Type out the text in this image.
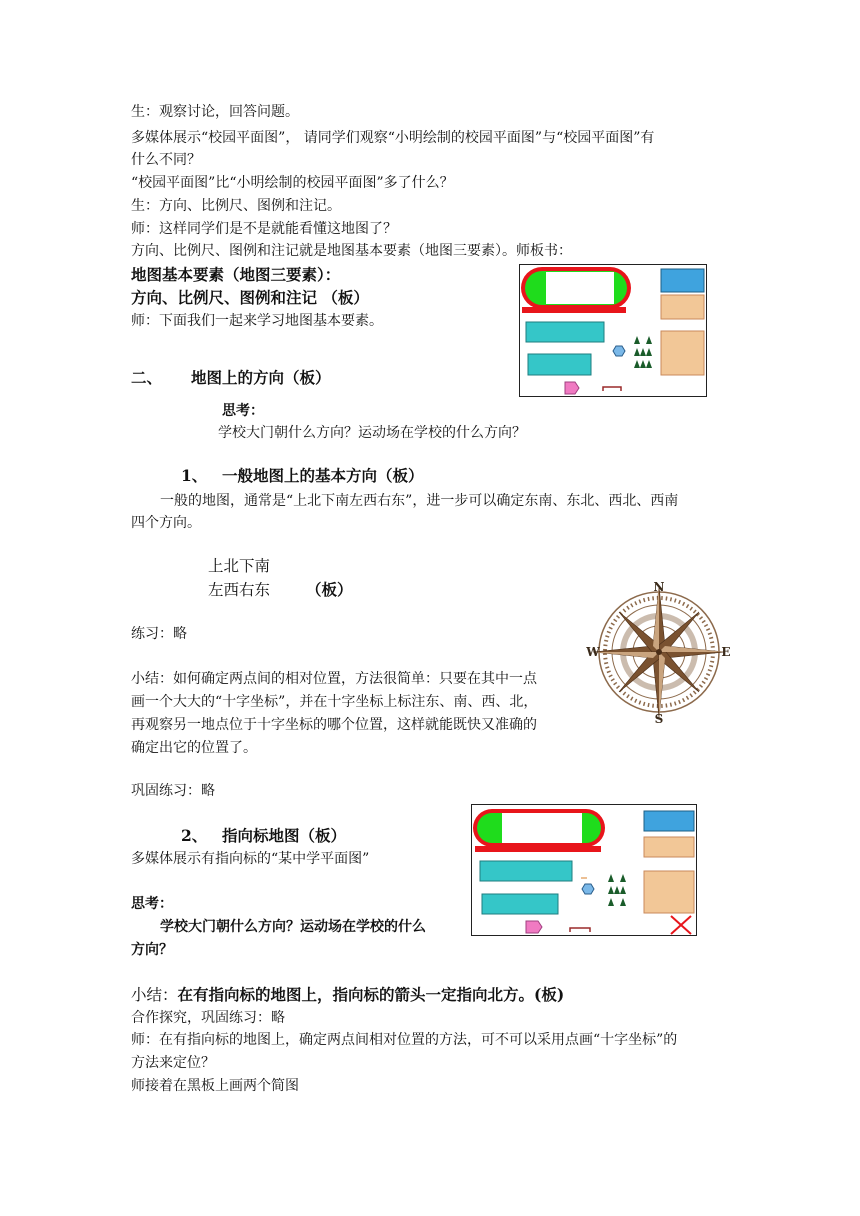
生：观察讨论，回答问题。
多媒体展示“校园平面图”， 请同学们观察“小明绘制的校园平面图”与“校园平面图”有
什么不同？
“校园平面图”比“小明绘制的校园平面图”多了什么？
生：方向、比例尺、图例和注记。
师：这样同学们是不是就能看懂这地图了？
方向、比例尺、图例和注记就是地图基本要素（地图三要素）。师板书：
地图基本要素（地图三要素）：
方向、比例尺、图例和注记 （板）
师：下面我们一起来学习地图基本要素。
二、 地图上的方向（板）
思考：
学校大门朝什么方向？运动场在学校的什么方向？
1、 一般地图上的基本方向（板）
一般的地图，通常是“上北下南左西右东”，进一步可以确定东南、东北、西北、西南
四个方向。
上北下南
左西右东 （板）
练习：略
小结：如何确定两点间的相对位置，方法很简单：只要在其中一点
画一个大大的“十字坐标”，并在十字坐标上标注东、南、西、北，
再观察另一地点位于十字坐标的哪个位置，这样就能既快又准确的
确定出它的位置了。
巩固练习：略
2、 指向标地图（板）
多媒体展示有指向标的“某中学平面图”
思考：
学校大门朝什么方向？运动场在学校的什么
方向？
小结：在有指向标的地图上，指向标的箭头一定指向北方。(板)
合作探究，巩固练习：略
师：在有指向标的地图上，确定两点间相对位置的方法，可不可以采用点画“十字坐标”的
方法来定位？
师接着在黑板上画两个简图
N
S
E
W
